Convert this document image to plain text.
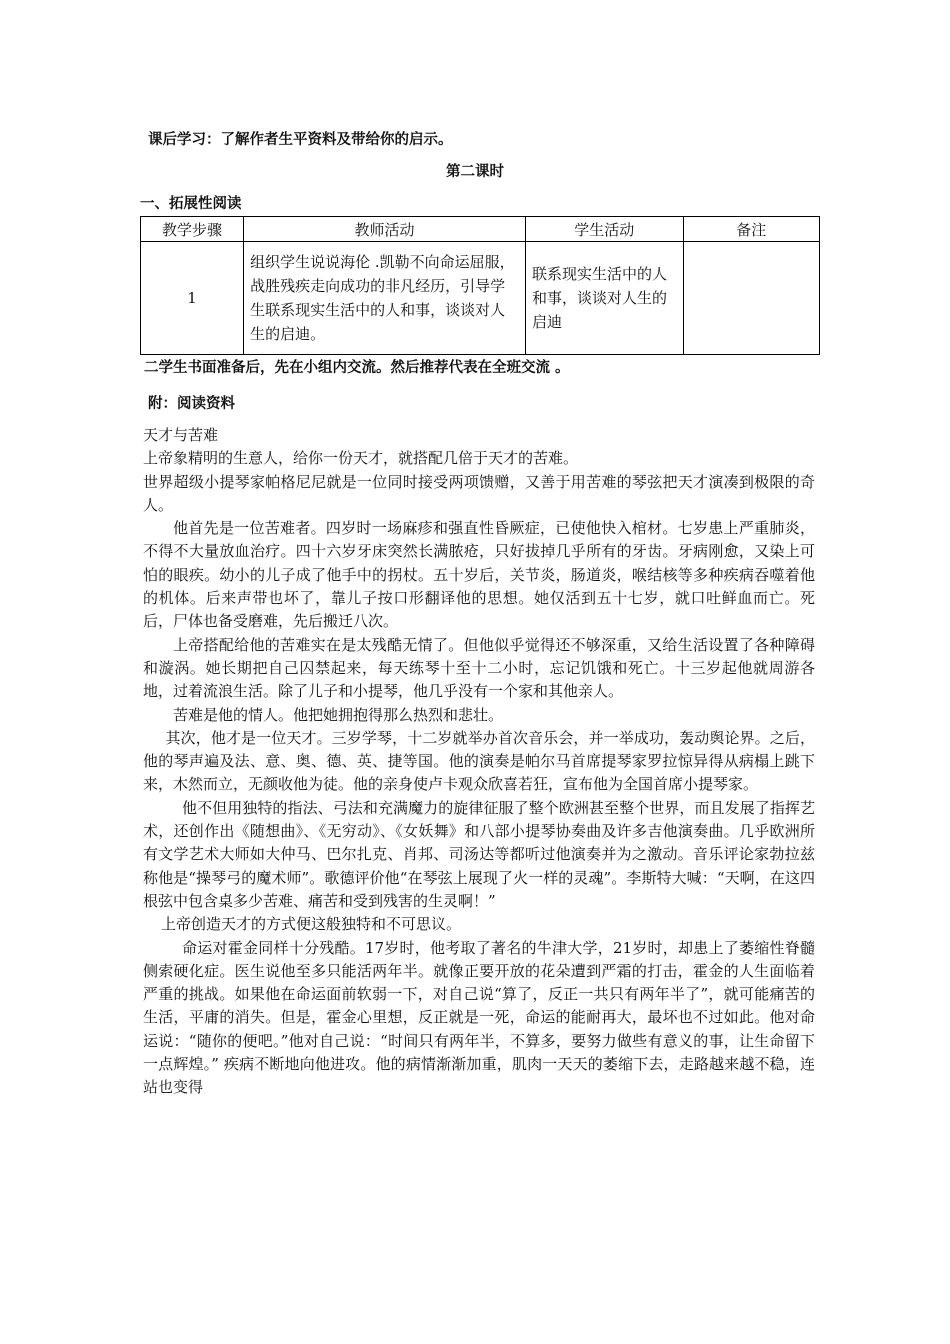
课后学习：了解作者生平资料及带给你的启示。
第二课时
一、拓展性阅读
教学步骤	教师活动	学生活动	备注
1	组织学生说说海伦 .凯勒不向命运屈服，战胜残疾走向成功的非凡经历，引导学生联系现实生活中的人和事，谈谈对人生的启迪。	联系现实生活中的人和事，谈谈对人生的启迪	
二学生书面准备后，先在小组内交流。然后推荐代表在全班交流 。
附：阅读资料

天才与苦难

上帝象精明的生意人，给你一份天才，就搭配几倍于天才的苦难。

世界超级小提琴家帕格尼尼就是一位同时接受两项馈赠，又善于用苦难的琴弦把天才演凑到极限的奇人。

他首先是一位苦难者。四岁时一场麻疹和强直性昏厥症，已使他快入棺材。七岁患上严重肺炎，不得不大量放血治疗。四十六岁牙床突然长满脓疮，只好拔掉几乎所有的牙齿。牙病刚愈，又染上可怕的眼疾。幼小的儿子成了他手中的拐杖。五十岁后，关节炎，肠道炎，喉结核等多种疾病吞噬着他的机体。后来声带也坏了，靠儿子按口形翻译他的思想。她仅活到五十七岁，就口吐鲜血而亡。死后，尸体也备受磨难，先后搬迁八次。

上帝搭配给他的苦难实在是太残酷无情了。但他似乎觉得还不够深重，又给生活设置了各种障碍和漩涡。她长期把自己囚禁起来，每天练琴十至十二小时，忘记饥饿和死亡。十三岁起他就周游各地，过着流浪生活。除了儿子和小提琴，他几乎没有一个家和其他亲人。

苦难是他的情人。他把她拥抱得那么热烈和悲壮。

其次，他才是一位天才。三岁学琴，十二岁就举办首次音乐会，并一举成功，轰动舆论界。之后，他的琴声遍及法、意、奥、德、英、捷等国。他的演奏是帕尔马首席提琴家罗拉惊异得从病榻上跳下来，木然而立，无颜收他为徒。他的亲身使卢卡观众欣喜若狂，宣布他为全国首席小提琴家。

他不但用独特的指法、弓法和充满魔力的旋律征服了整个欧洲甚至整个世界，而且发展了指挥艺术，还创作出《随想曲》、《无穷动》、《女妖舞》和八部小提琴协奏曲及许多吉他演奏曲。几乎欧洲所有文学艺术大师如大仲马、巴尔扎克、肖邦、司汤达等都听过他演奏并为之激动。音乐评论家勃拉兹称他是“操琴弓的魔术师”。歌德评价他“在琴弦上展现了火一样的灵魂”。李斯特大喊：“天啊，在这四根弦中包含桌多少苦难、痛苦和受到残害的生灵啊！”

上帝创造天才的方式便这般独特和不可思议。

命运对霍金同样十分残酷。17岁时，他考取了著名的牛津大学，21岁时，却患上了萎缩性脊髓侧索硬化症。医生说他至多只能活两年半。就像正要开放的花朵遭到严霜的打击，霍金的人生面临着严重的挑战。如果他在命运面前软弱一下，对自己说“算了，反正一共只有两年半了”，就可能痛苦的生活，平庸的消失。但是，霍金心里想，反正就是一死，命运的能耐再大，最坏也不过如此。他对命运说：“随你的便吧。”他对自己说：“时间只有两年半，不算多，要努力做些有意义的事，让生命留下一点辉煌。” 疾病不断地向他进攻。他的病情渐渐加重，肌肉一天天的萎缩下去，走路越来越不稳，连站也变得
